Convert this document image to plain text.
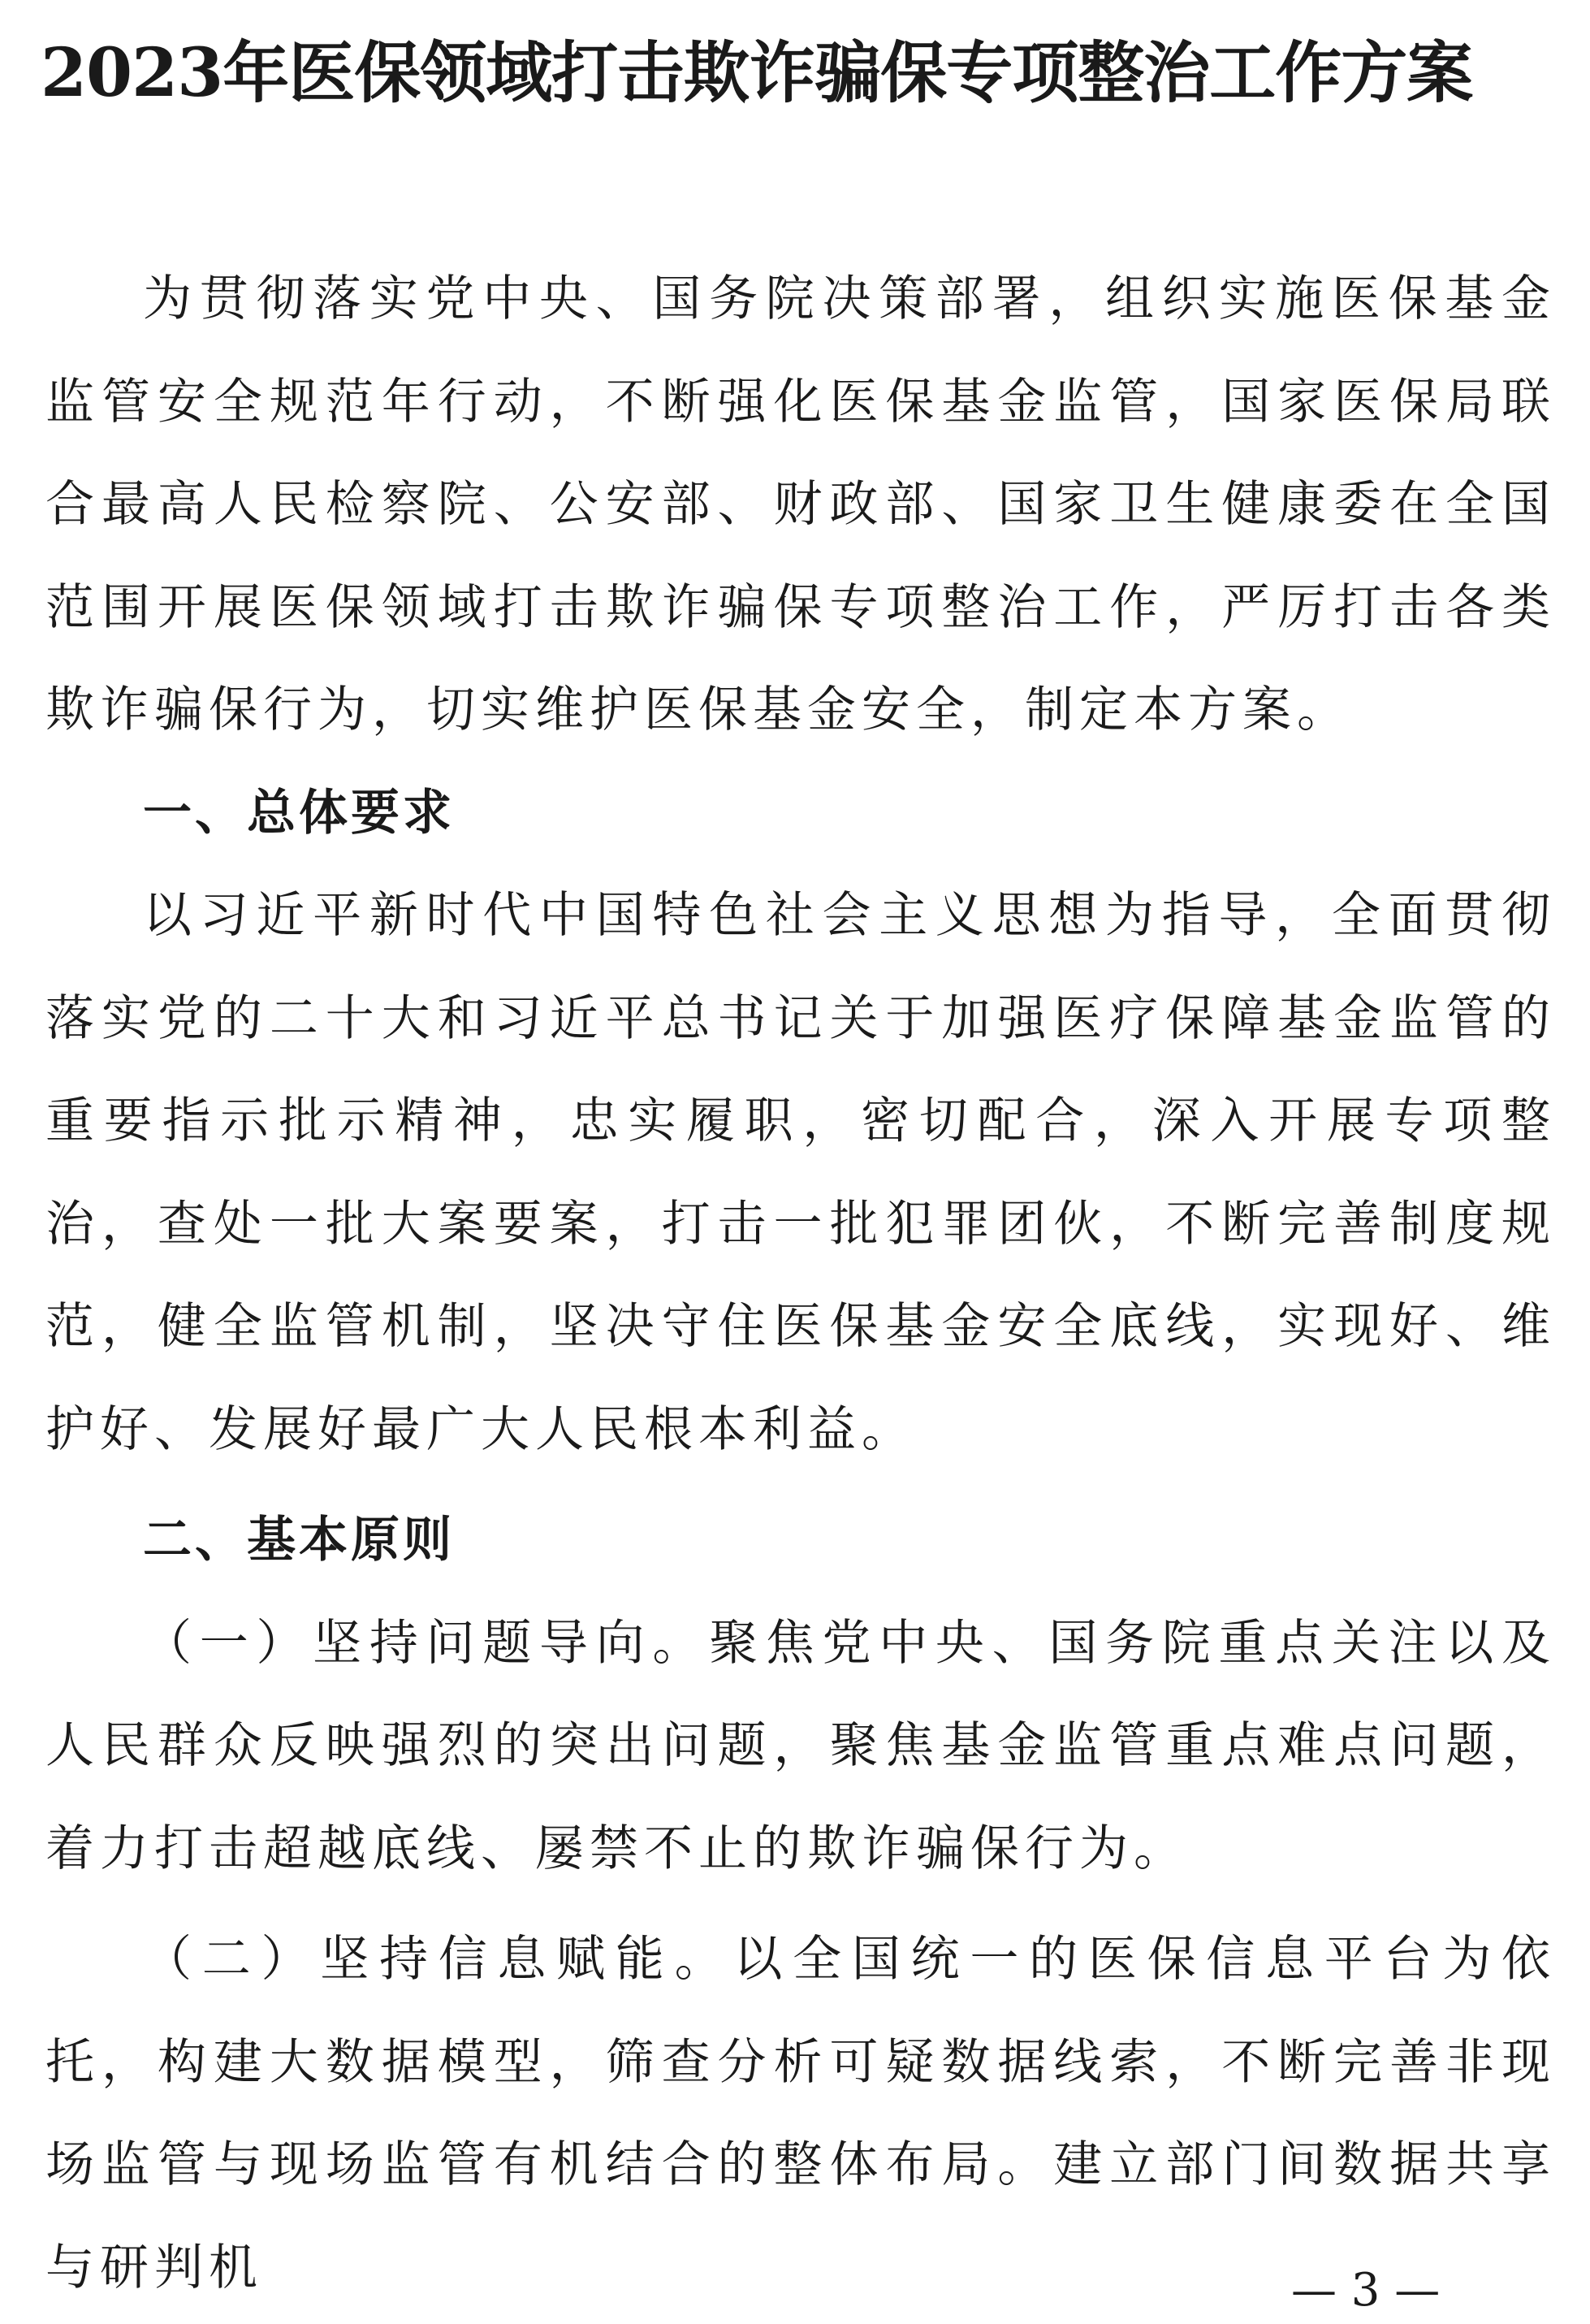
2023年医保领域打击欺诈骗保专项整治工作方案

为贯彻落实党中央、国务院决策部署，组织实施医保基金监管安全规范年行动，不断强化医保基金监管，国家医保局联合最高人民检察院、公安部、财政部、国家卫生健康委在全国范围开展医保领域打击欺诈骗保专项整治工作，严厉打击各类欺诈骗保行为，切实维护医保基金安全，制定本方案。

一、总体要求

以习近平新时代中国特色社会主义思想为指导，全面贯彻落实党的二十大和习近平总书记关于加强医疗保障基金监管的重要指示批示精神，忠实履职，密切配合，深入开展专项整治，查处一批大案要案，打击一批犯罪团伙，不断完善制度规范，健全监管机制，坚决守住医保基金安全底线，实现好、维护好、发展好最广大人民根本利益。

二、基本原则

（一）坚持问题导向。聚焦党中央、国务院重点关注以及人民群众反映强烈的突出问题，聚焦基金监管重点难点问题，着力打击超越底线、屡禁不止的欺诈骗保行为。

（二）坚持信息赋能。以全国统一的医保信息平台为依托，构建大数据模型，筛查分析可疑数据线索，不断完善非现场监管与现场监管有机结合的整体布局。建立部门间数据共享与研判机	— 3 —
